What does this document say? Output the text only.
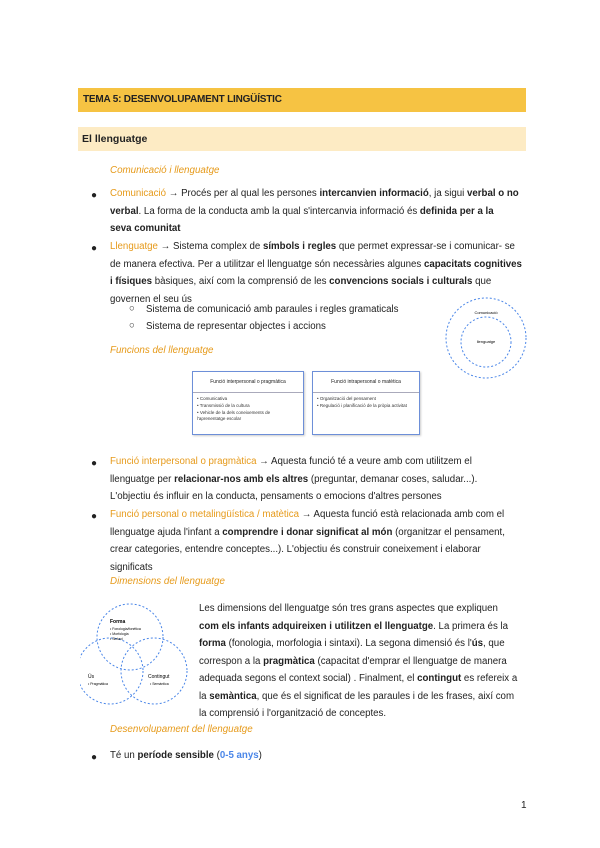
TEMA 5: DESENVOLUPAMENT LINGÜÍSTIC
El llenguatge
Comunicació i llenguatge
● Comunicació → Procés per al qual les persones intercanvien informació, ja sigui verbal o no
verbal. La forma de la conducta amb la qual s'intercanvia informació és definida per a la
seva comunitat
● Llenguatge → Sistema complex de símbols i regles que permet expressar-se i comunicar- se
de manera efectiva. Per a utilitzar el llenguatge són necessàries algunes capacitats cognitives
i físiques bàsiques, així com la comprensió de les convencions socials i culturals que
governen el seu ús
○ Sistema de comunicació amb paraules i regles gramaticals
○ Sistema de representar objectes i accions
Comunicació
llenguatge
Funcions del llenguatge
Funció interpersonal o pragmàtica
• Comunicativa
• Transmissió de la cultura
• Vehicle de la dels coneixements de l'aprenentatge escolar
Funció intrapersonal o matètica
• Organització del pensament
• Regulació i planificació de la pròpia activitat
● Funció interpersonal o pragmàtica → Aquesta funció té a veure amb com utilitzem el
llenguatge per relacionar-nos amb els altres (preguntar, demanar coses, saludar...).
L'objectiu és influir en la conducta, pensaments o emocions d'altres persones
● Funció personal o metalingüística / matètica → Aquesta funció està relacionada amb com el
llenguatge ajuda l'infant a comprendre i donar significat al món (organitzar el pensament,
crear categories, entendre conceptes...). L'objectiu és construir coneixement i elaborar
significats
Dimensions del llenguatge
Forma
• Fonologia/fonètica
• Morfologia
• Sintaxi
Ús
• Pragmàtica
Contingut
• Semàntica
Les dimensions del llenguatge són tres grans aspectes que expliquen
com els infants adquireixen i utilitzen el llenguatge. La primera és la
forma (fonologia, morfologia i sintaxi). La segona dimensió és l'ús, que
correspon a la pragmàtica (capacitat d'emprar el llenguatge de manera
adequada segons el context social) . Finalment, el contingut es refereix a
la semàntica, que és el significat de les paraules i de les frases, així com
la comprensió i l'organització de conceptes.
Desenvolupament del llenguatge
● Té un període sensible (0-5 anys)
1
